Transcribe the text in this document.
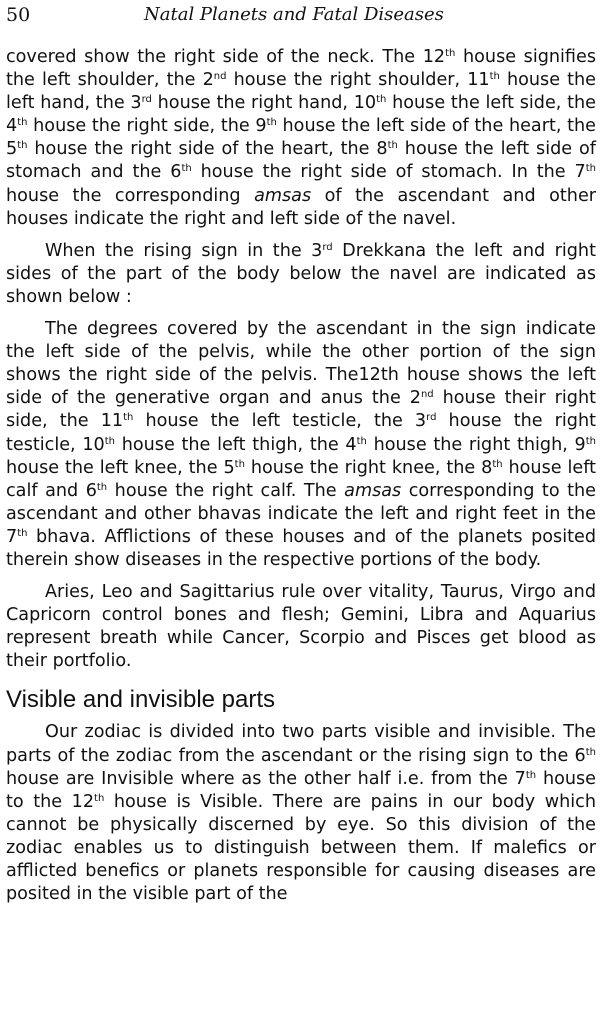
50	Natal Planets and Fatal Diseases

covered show the right side of the neck. The 12th house signifies the left shoulder, the 2nd house the right shoulder, 11th house the left hand, the 3rd house the right hand, 10th house the left side, the 4th house the right side, the 9th house the left side of the heart, the 5th house the right side of the heart, the 8th house the left side of stomach and the 6th house the right side of stomach. In the 7th house the corresponding amsas of the ascendant and other houses indicate the right and left side of the navel.

When the rising sign in the 3rd Drekkana the left and right sides of the part of the body below the navel are indicated as shown below :

The degrees covered by the ascendant in the sign indicate the left side of the pelvis, while the other portion of the sign shows the right side of the pelvis. The12th house shows the left side of the generative organ and anus the 2nd house their right side, the 11th house the left testicle, the 3rd house the right testicle, 10th house the left thigh, the 4th house the right thigh, 9th house the left knee, the 5th house the right knee, the 8th house left calf and 6th house the right calf. The amsas corresponding to the ascendant and other bhavas indicate the left and right feet in the 7th bhava. Afflictions of these houses and of the planets posited therein show diseases in the respective portions of the body.

Aries, Leo and Sagittarius rule over vitality, Taurus, Virgo and Capricorn control bones and flesh; Gemini, Libra and Aquarius represent breath while Cancer, Scorpio and Pisces get blood as their portfolio.

Visible and invisible parts

Our zodiac is divided into two parts visible and invisible. The parts of the zodiac from the ascendant or the rising sign to the 6th house are Invisible where as the other half i.e. from the 7th house to the 12th house is Visible. There are pains in our body which cannot be physically discerned by eye. So this division of the zodiac enables us to distinguish between them. If malefics or afflicted benefics or planets responsible for causing diseases are posited in the visible part of the
